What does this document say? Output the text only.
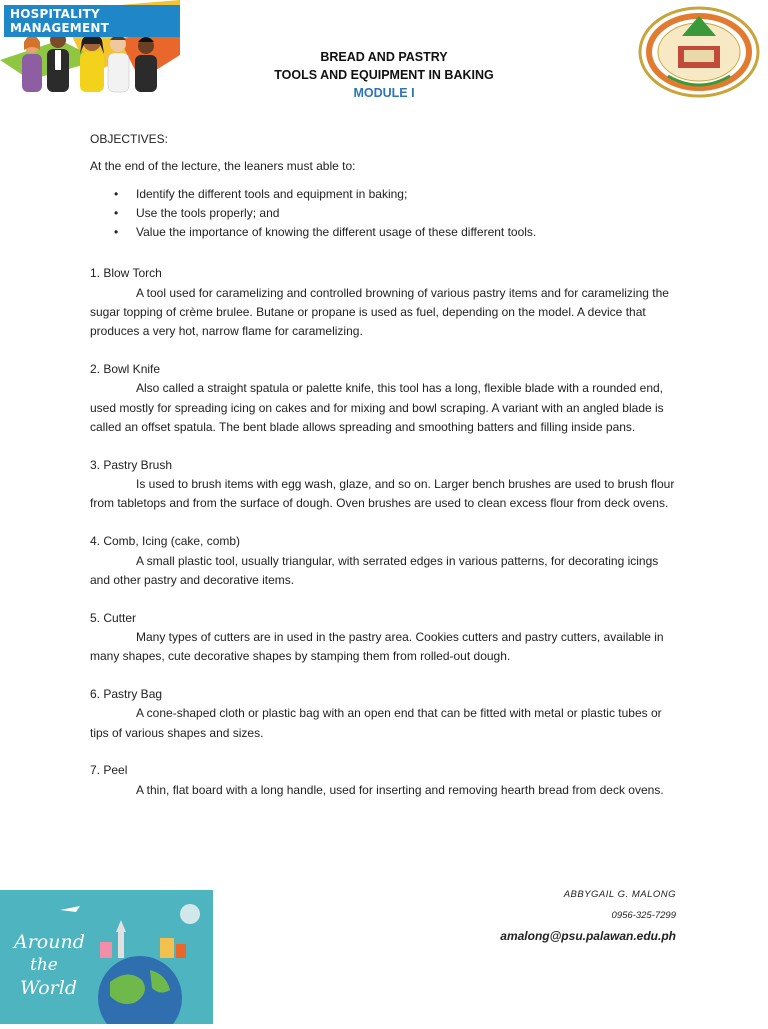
HOSPITALITY MANAGEMENT
BREAD AND PASTRY
TOOLS AND EQUIPMENT IN BAKING
MODULE I

OBJECTIVES:

At the end of the lecture, the leaners must able to:

• Identify the different tools and equipment in baking;
• Use the tools properly; and
• Value the importance of knowing the different usage of these different tools.

1. Blow Torch

A tool used for caramelizing and controlled browning of various pastry items and for caramelizing the sugar topping of crème brulee. Butane or propane is used as fuel, depending on the model. A device that produces a very hot, narrow flame for caramelizing.

2. Bowl Knife

Also called a straight spatula or palette knife, this tool has a long, flexible blade with a rounded end, used mostly for spreading icing on cakes and for mixing and bowl scraping. A variant with an angled blade is called an offset spatula. The bent blade allows spreading and smoothing batters and filling inside pans.

3. Pastry Brush

Is used to brush items with egg wash, glaze, and so on. Larger bench brushes are used to brush flour from tabletops and from the surface of dough. Oven brushes are used to clean excess flour from deck ovens.

4. Comb, Icing (cake, comb)

A small plastic tool, usually triangular, with serrated edges in various patterns, for decorating icings and other pastry and decorative items.

5. Cutter

Many types of cutters are in used in the pastry area. Cookies cutters and pastry cutters, available in many shapes, cute decorative shapes by stamping them from rolled-out dough.

6. Pastry Bag

A cone-shaped cloth or plastic bag with an open end that can be fitted with metal or plastic tubes or tips of various shapes and sizes.

7. Peel

A thin, flat board with a long handle, used for inserting and removing hearth bread from deck ovens.

Around
the
World
ABBYGAIL G. MALONG
0956-325-7299
amalong@psu.palawan.edu.ph
